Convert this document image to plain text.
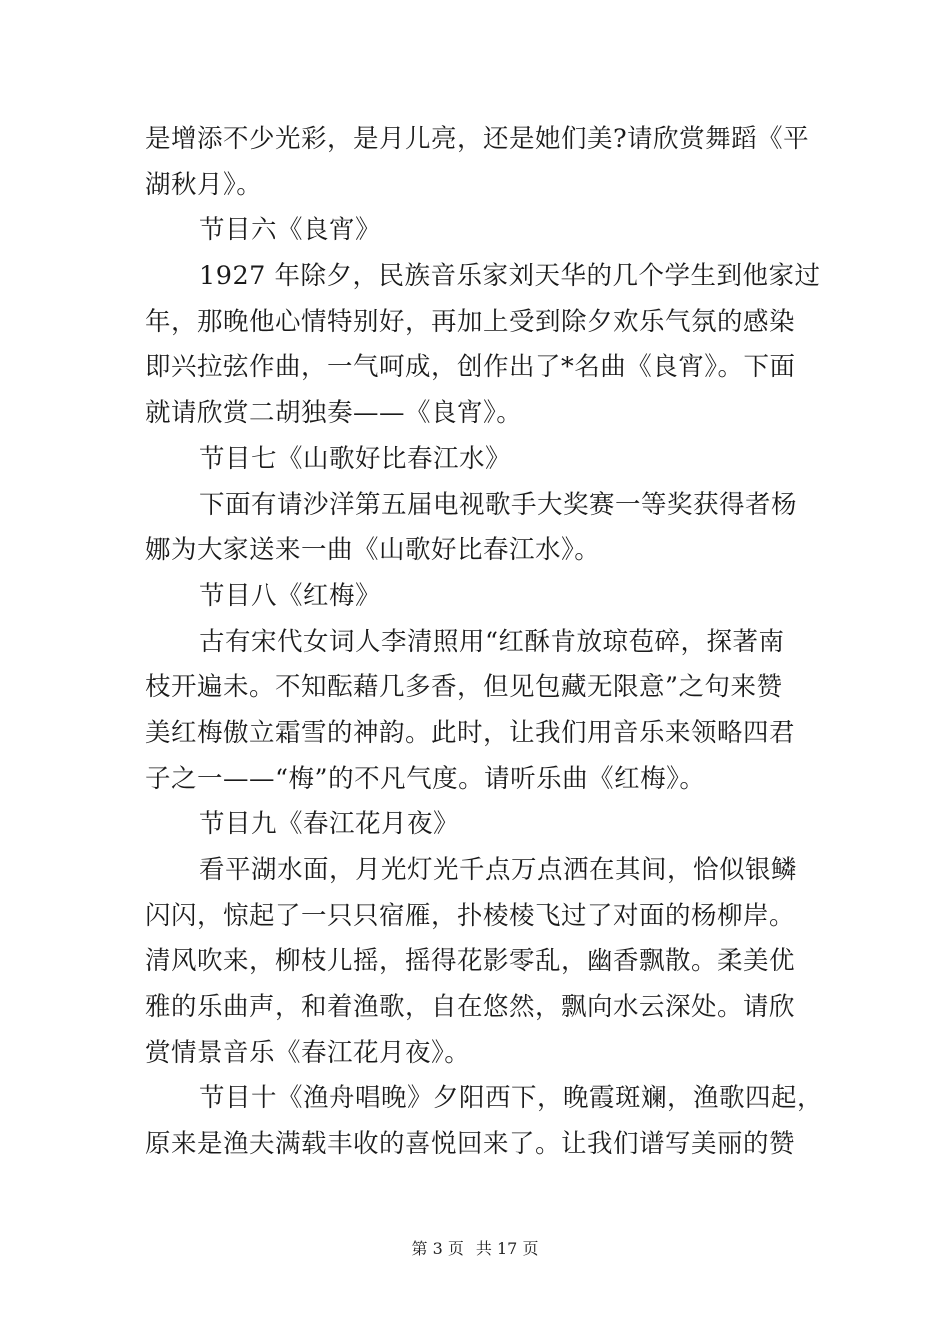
是增添不少光彩，是月儿亮，还是她们美?请欣赏舞蹈《平
湖秋月》。
节目六《良宵》
1927 年除夕，民族音乐家刘天华的几个学生到他家过
年，那晚他心情特别好，再加上受到除夕欢乐气氛的感染
即兴拉弦作曲，一气呵成，创作出了*名曲《良宵》。下面
就请欣赏二胡独奏——《良宵》。
节目七《山歌好比春江水》
下面有请沙洋第五届电视歌手大奖赛一等奖获得者杨
娜为大家送来一曲《山歌好比春江水》。
节目八《红梅》
古有宋代女词人李清照用“红酥肯放琼苞碎，探著南
枝开遍未。不知酝藉几多香，但见包藏无限意”之句来赞
美红梅傲立霜雪的神韵。此时，让我们用音乐来领略四君
子之一——“梅”的不凡气度。请听乐曲《红梅》。
节目九《春江花月夜》
看平湖水面，月光灯光千点万点洒在其间，恰似银鳞
闪闪，惊起了一只只宿雁，扑棱棱飞过了对面的杨柳岸。
清风吹来，柳枝儿摇，摇得花影零乱，幽香飘散。柔美优
雅的乐曲声，和着渔歌，自在悠然，飘向水云深处。请欣
赏情景音乐《春江花月夜》。
节目十《渔舟唱晚》夕阳西下，晚霞斑斓，渔歌四起，
原来是渔夫满载丰收的喜悦回来了。让我们谱写美丽的赞
第 3 页 共 17 页
